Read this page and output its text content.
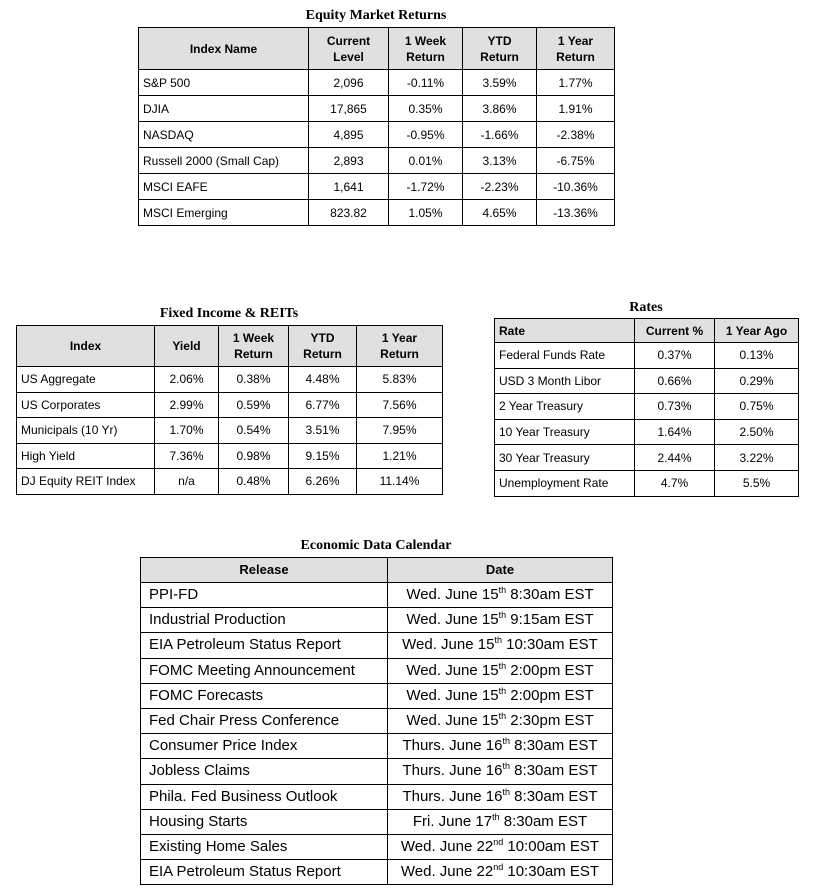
Equity Market Returns
Index Name	Current Level	1 Week Return	YTD Return	1 Year Return
S&P 500	2,096	-0.11%	3.59%	1.77%
DJIA	17,865	0.35%	3.86%	1.91%
NASDAQ	4,895	-0.95%	-1.66%	-2.38%
Russell 2000 (Small Cap)	2,893	0.01%	3.13%	-6.75%
MSCI EAFE	1,641	-1.72%	-2.23%	-10.36%
MSCI Emerging	823.82	1.05%	4.65%	-13.36%
Fixed Income & REITs
Index	Yield	1 Week Return	YTD Return	1 Year Return
US Aggregate	2.06%	0.38%	4.48%	5.83%
US Corporates	2.99%	0.59%	6.77%	7.56%
Municipals (10 Yr)	1.70%	0.54%	3.51%	7.95%
High Yield	7.36%	0.98%	9.15%	1.21%
DJ Equity REIT Index	n/a	0.48%	6.26%	11.14%
Rates
Rate	Current %	1 Year Ago
Federal Funds Rate	0.37%	0.13%
USD 3 Month Libor	0.66%	0.29%
2 Year Treasury	0.73%	0.75%
10 Year Treasury	1.64%	2.50%
30 Year Treasury	2.44%	3.22%
Unemployment Rate	4.7%	5.5%
Economic Data Calendar
Release	Date
PPI-FD	Wed. June 15th 8:30am EST
Industrial Production	Wed. June 15th 9:15am EST
EIA Petroleum Status Report	Wed. June 15th 10:30am EST
FOMC Meeting Announcement	Wed. June 15th 2:00pm EST
FOMC Forecasts	Wed. June 15th 2:00pm EST
Fed Chair Press Conference	Wed. June 15th 2:30pm EST
Consumer Price Index	Thurs. June 16th 8:30am EST
Jobless Claims	Thurs. June 16th 8:30am EST
Phila. Fed Business Outlook	Thurs. June 16th 8:30am EST
Housing Starts	Fri. June 17th 8:30am EST
Existing Home Sales	Wed. June 22nd 10:00am EST
EIA Petroleum Status Report	Wed. June 22nd 10:30am EST
